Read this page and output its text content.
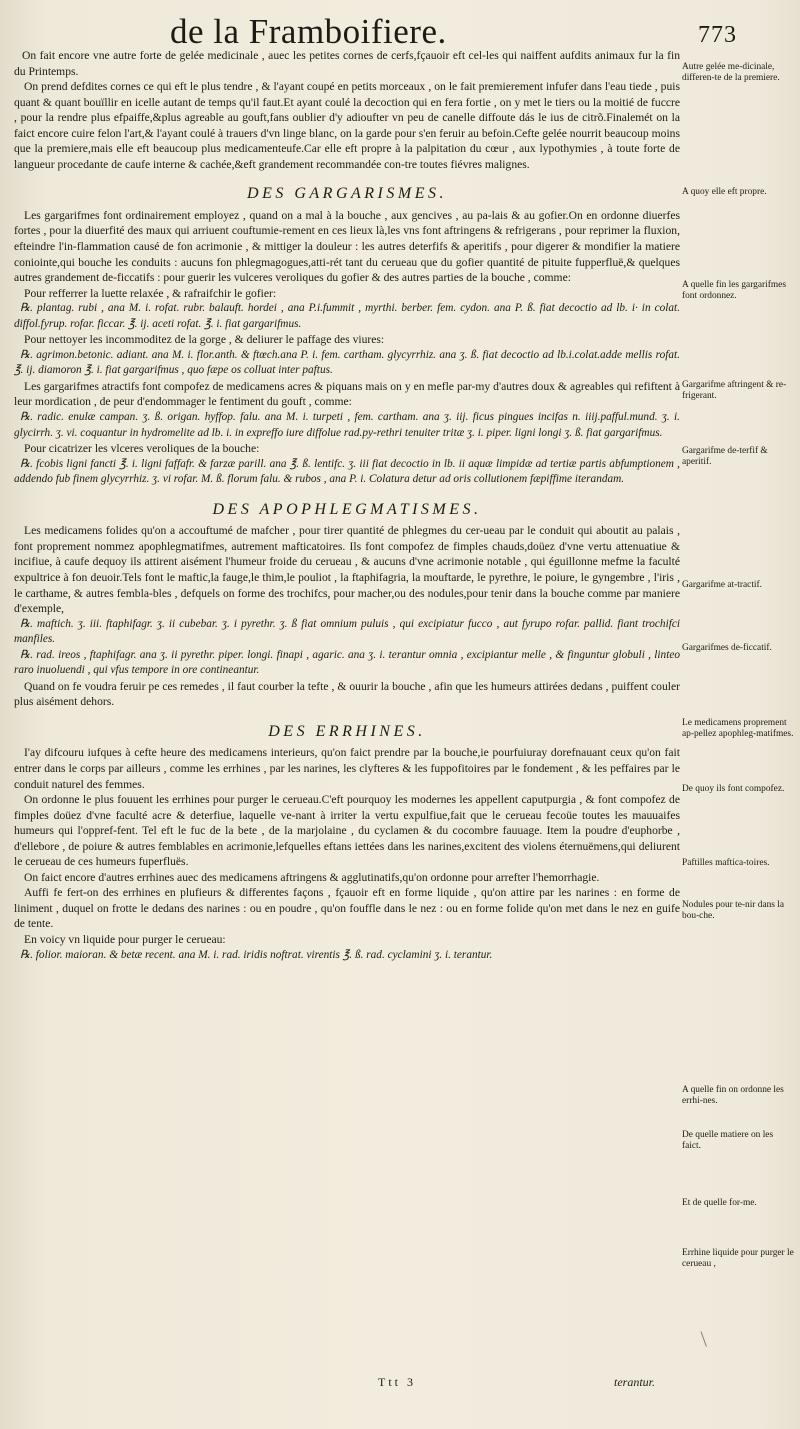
de la Framboifiere.	773

On fait encore vne autre forte de gelée medicinale , auec les petites cornes de cerfs,fçauoir eft cel-les qui naiffent aufdits animaux fur la fin du Printemps.

On prend defdites cornes ce qui eft le plus tendre , & l'ayant coupé en petits morceaux , on le fait premierement infufer dans l'eau tiede , puis quant & quant bouïllir en icelle autant de temps qu'il faut.Et ayant coulé la decoction qui en fera fortie , on y met le tiers ou la moitié de fuccre , pour la rendre plus efpaiffe,&plus agreable au gouft,fans oublier d'y adioufter vn peu de canelle diffoute dás le ius de citrõ.Finalemét on la faict encore cuire felon l'art,& l'ayant coulé à trauers d'vn linge blanc, on la garde pour s'en feruir au befoin.Cefte gelée nourrit beaucoup moins que la premiere,mais elle eft beaucoup plus medicamenteufe.Car elle eft propre à la palpitation du cœur , aux lypothymies , à toute forte de langueur procedante de caufe interne & cachée,&eft grandement recommandée con-tre toutes fiévres malignes.

DES GARGARISMES.

Les gargarifmes font ordinairement employez , quand on a mal à la bouche , aux gencives , au pa-lais & au gofier.On en ordonne diuerfes fortes , pour la diuerfité des maux qui arriuent couftumie-rement en ces lieux là,les vns font aftringens & refrigerans , pour reprimer la fluxion, efteindre l'in-flammation causé de fon acrimonie , & mittiger la douleur : les autres deterfifs & aperitifs , pour digerer & mondifier la matiere coniointe,qui bouche les conduits : aucuns fon phlegmagogues,atti-rét tant du cerueau que du gofier quantité de pituite fupperfluë,& quelques autres grandement de-ficcatifs : pour guerir les vulceres veroliques du gofier & des autres parties de la bouche , comme:

Pour refferrer la luette relaxée , & rafraifchir le gofier:

℞. plantag. rubi , ana M. i. rofat. rubr. balauft. hordei , ana P.i.fummit , myrthi. berber. fem. cydon. ana P. ß. fiat decoctio ad lb. i· in colat. diffol.fyrup. rofar. ficcar. ℥. ij. aceti rofat. ℥. i. fiat gargarifmus.

Pour nettoyer les incommoditez de la gorge , & deliurer le paffage des viures:

℞. agrimon.betonic. adiant. ana M. i. flor.anth. & ftœch.ana P. i. fem. cartham. glycyrrhiz. ana ʒ. ß. fiat decoctio ad lb.i.colat.adde mellis rofat. ℥. ij. diamoron ℥. i. fiat gargarifmus , quo fæpe os colluat inter paftus.

Les gargarifmes atractifs font compofez de medicamens acres & piquans mais on y en mefle par-my d'autres doux & agreables qui refiftent à leur mordication , de peur d'endommager le fentiment du gouft , comme:

℞. radic. enulæ campan. ʒ. ß. origan. hyffop. falu. ana M. i. turpeti , fem. cartham. ana ʒ. iij. ficus pingues incifas n. iiij.pafful.mund. ʒ. i. glycirrh. ʒ. vi. coquantur in hydromelite ad lb. i. in expreffo iure diffolue rad.py-rethri tenuiter tritæ ʒ. i. piper. ligni longi ʒ. ß. fiat gargarifmus.

Pour cicatrizer les vlceres veroliques de la bouche:

℞. fcobis ligni fancti ℥. i. ligni faffafr. & farzæ parill. ana ℥. ß. lentifc. ʒ. iii fiat decoctio in lb. ii aquæ limpidæ ad tertiæ partis abfumptionem , addendo fub finem glycyrrhiz. ʒ. vi rofar. M. ß. florum falu. & rubos , ana P. i. Colatura detur ad oris collutionem fæpiffime iterandam.

DES APOPHLEGMATISMES.

Les medicamens folides qu'on a accouftumé de mafcher , pour tirer quantité de phlegmes du cer-ueau par le conduit qui aboutit au palais , font proprement nommez apophlegmatifmes, autrement mafticatoires. Ils font compofez de fimples chauds,doüez d'vne vertu attenuatiue & incifiue, à caufe dequoy ils attirent aisément l'humeur froide du cerueau , & aucuns d'vne acrimonie notable , qui éguillonne mefme la faculté expultrice à fon deuoir.Tels font le maftic,la fauge,le thim,le pouliot , la ftaphifagria, la mouftarde, le pyrethre, le poiure, le gyngembre , l'iris , le carthame, & autres fembla-bles , defquels on forme des trochifcs, pour macher,ou des nodules,pour tenir dans la bouche comme par maniere d'exemple,

℞. maftich. ʒ. iii. ftaphifagr. ʒ. ii cubebar. ʒ. i pyrethr. ʒ. ß fiat omnium puluis , qui excipiatur fucco , aut fyrupo rofar. pallid. fiant trochifci manfiles.

℞. rad. ireos , ftaphifagr. ana ʒ. ii pyrethr. piper. longi. finapi , agaric. ana ʒ. i. terantur omnia , excipiantur melle , & finguntur globuli , linteo raro inuoluendi , qui vfus tempore in ore contineantur.

Quand on fe voudra feruir pe ces remedes , il faut courber la tefte , & ouurir la bouche , afin que les humeurs attirées dedans , puiffent couler plus aisément dehors.

DES ERRHINES.

I'ay difcouru iufques à cefte heure des medicamens interieurs, qu'on faict prendre par la bouche,ie pourfuiuray dorefnauant ceux qu'on fait entrer dans le corps par ailleurs , comme les errhines , par les narines, les clyfteres & les fuppofitoires par le fondement , & les peffaires par le conduit naturel des femmes.

On ordonne le plus fouuent les errhines pour purger le cerueau.C'eft pourquoy les modernes les appellent caputpurgia , & font compofez de fimples doüez d'vne faculté acre & deterfiue, laquelle ve-nant à irriter la vertu expulfiue,fait que le cerueau fecoüe toutes les mauuaifes humeurs qui l'oppref-fent. Tel eft le fuc de la bete , de la marjolaine , du cyclamen & du cocombre fauuage. Item la poudre d'euphorbe , d'ellebore , de poiure & autres femblables en acrimonie,lefquelles eftans iettées dans les narines,excitent des violens éternuëmens,qui deliurent le cerueau de ces humeurs fuperfluës.

On faict encore d'autres errhines auec des medicamens aftringens & agglutinatifs,qu'on ordonne pour arrefter l'hemorrhagie.

Auffi fe fert-on des errhines en plufieurs & differentes façons , fçauoir eft en forme liquide , qu'on attire par les narines : en forme de liniment , duquel on frotte le dedans des narines : ou en poudre , qu'on fouffle dans le nez : ou en forme folide qu'on met dans le nez en guife de tente.

En voicy vn liquide pour purger le cerueau:

℞. folior. maioran. & betæ recent. ana M. i. rad. iridis noftrat. virentis ℥. ß. rad. cyclamini ʒ. i. terantur.

Autre gelée me-dicinale, differen-te de la premiere.
A quoy elle eft propre.
A quelle fin les gargarifmes font ordonnez.
Gargarifme aftringent & re-frigerant.
Gargarifme de-terfif & aperitif.
Gargarifme at-tractif.
Gargarifmes de-ficcatif.
Le medicamens proprement ap-pellez apophleg-matifmes.
De quoy ils font compofez.
Paftilles maftica-toires.
Nodules pour te-nir dans la bou-che.
A quelle fin on ordonne les errhi-nes.
De quelle matiere on les faict.
Et de quelle for-me.
Errhine liquide pour purger le cerueau ,
Ttt 3	terantur.
